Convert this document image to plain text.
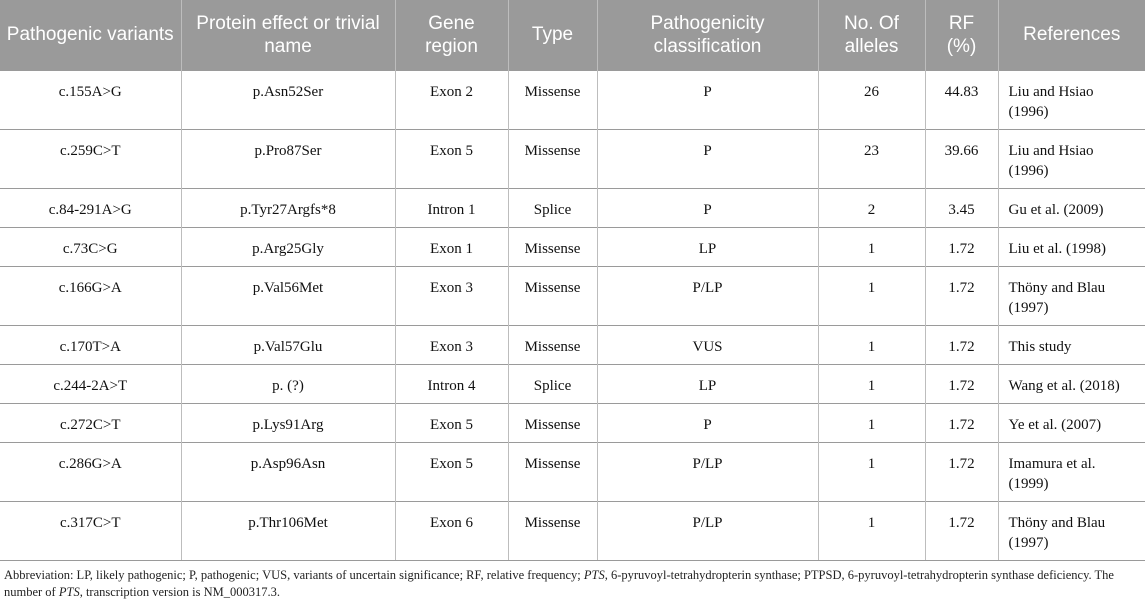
Pathogenic variants	Protein effect or trivial name	Gene region	Type	Pathogenicity classification	No. Of alleles	RF (%)	References
c.155A>G	p.Asn52Ser	Exon 2	Missense	P	26	44.83	Liu and Hsiao (1996)
c.259C>T	p.Pro87Ser	Exon 5	Missense	P	23	39.66	Liu and Hsiao (1996)
c.84-291A>G	p.Tyr27Argfs*8	Intron 1	Splice	P	2	3.45	Gu et al. (2009)
c.73C>G	p.Arg25Gly	Exon 1	Missense	LP	1	1.72	Liu et al. (1998)
c.166G>A	p.Val56Met	Exon 3	Missense	P/LP	1	1.72	Thöny and Blau (1997)
c.170T>A	p.Val57Glu	Exon 3	Missense	VUS	1	1.72	This study
c.244-2A>T	p. (?)	Intron 4	Splice	LP	1	1.72	Wang et al. (2018)
c.272C>T	p.Lys91Arg	Exon 5	Missense	P	1	1.72	Ye et al. (2007)
c.286G>A	p.Asp96Asn	Exon 5	Missense	P/LP	1	1.72	Imamura et al. (1999)
c.317C>T	p.Thr106Met	Exon 6	Missense	P/LP	1	1.72	Thöny and Blau (1997)
Abbreviation: LP, likely pathogenic; P, pathogenic; VUS, variants of uncertain significance; RF, relative frequency; PTS, 6-pyruvoyl-tetrahydropterin synthase; PTPSD, 6-pyruvoyl-tetrahydropterin synthase deficiency. The number of PTS, transcription version is NM_000317.3.
